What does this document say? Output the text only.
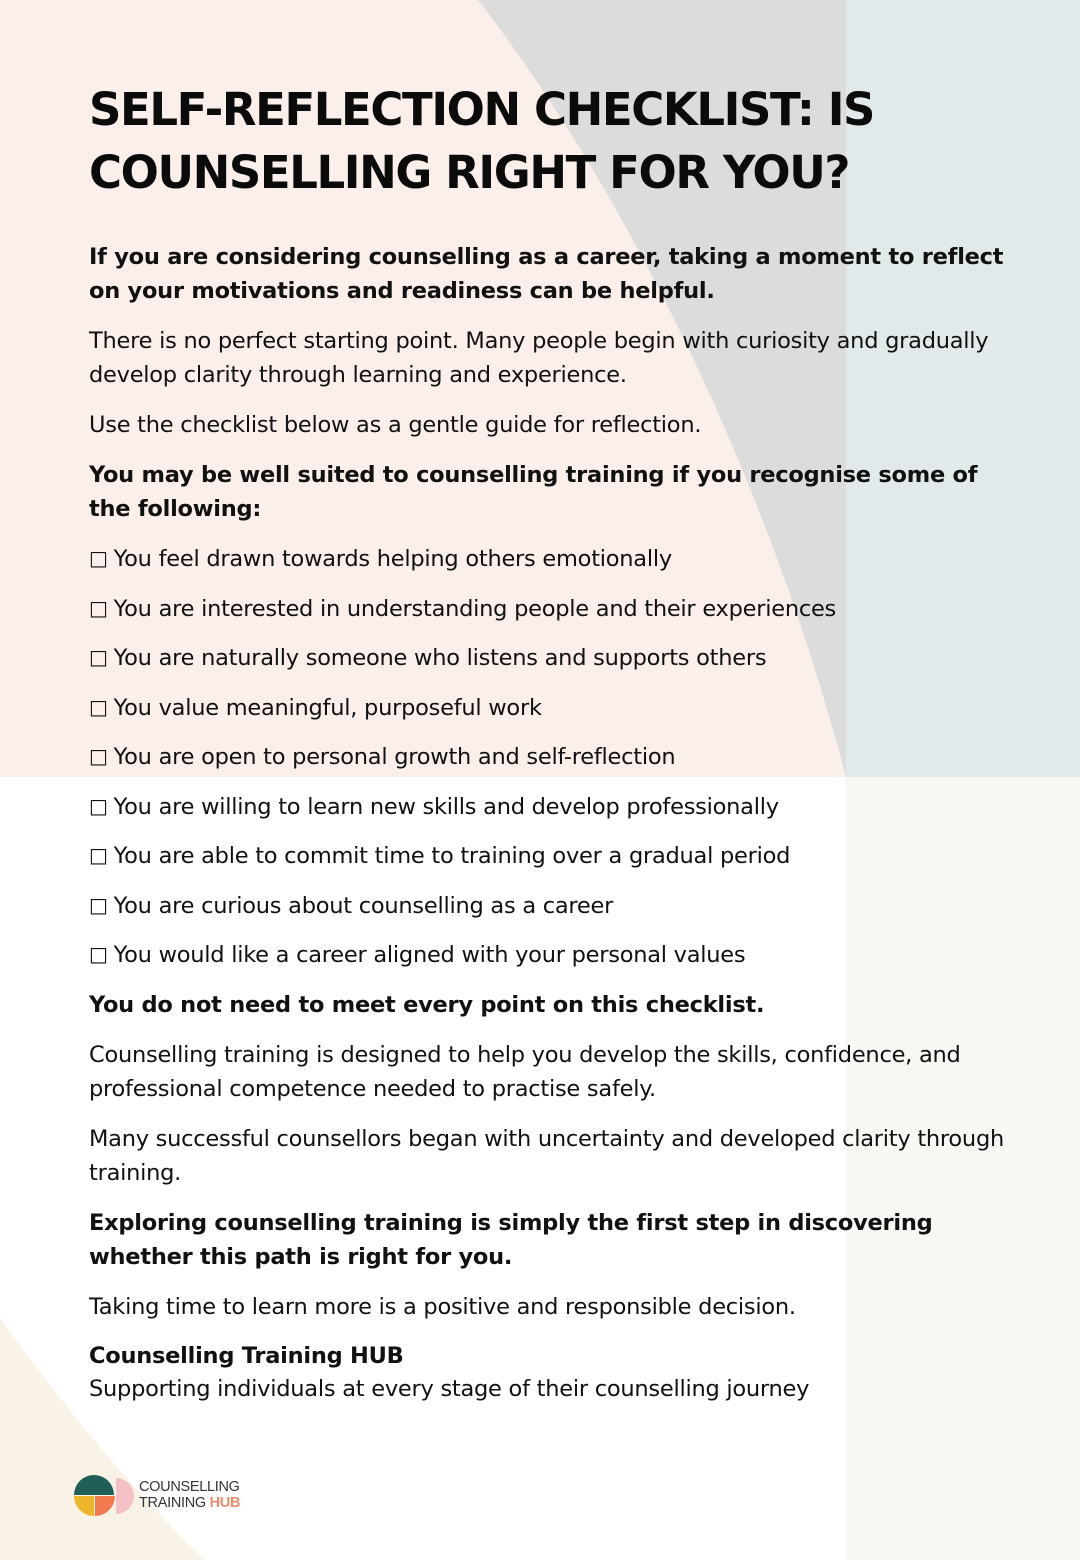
SELF-REFLECTION CHECKLIST: IS COUNSELLING RIGHT FOR YOU?

If you are considering counselling as a career, taking a moment to reflect on your motivations and readiness can be helpful.

There is no perfect starting point. Many people begin with curiosity and gradually develop clarity through learning and experience.

Use the checklist below as a gentle guide for reflection.

You may be well suited to counselling training if you recognise some of the following:

□ You feel drawn towards helping others emotionally
□ You are interested in understanding people and their experiences
□ You are naturally someone who listens and supports others
□ You value meaningful, purposeful work
□ You are open to personal growth and self-reflection
□ You are willing to learn new skills and develop professionally
□ You are able to commit time to training over a gradual period
□ You are curious about counselling as a career
□ You would like a career aligned with your personal values

You do not need to meet every point on this checklist.

Counselling training is designed to help you develop the skills, confidence, and professional competence needed to practise safely.

Many successful counsellors began with uncertainty and developed clarity through training.

Exploring counselling training is simply the first step in discovering whether this path is right for you.

Taking time to learn more is a positive and responsible decision.

Counselling Training HUB
Supporting individuals at every stage of their counselling journey
COUNSELLING
TRAINING HUB
